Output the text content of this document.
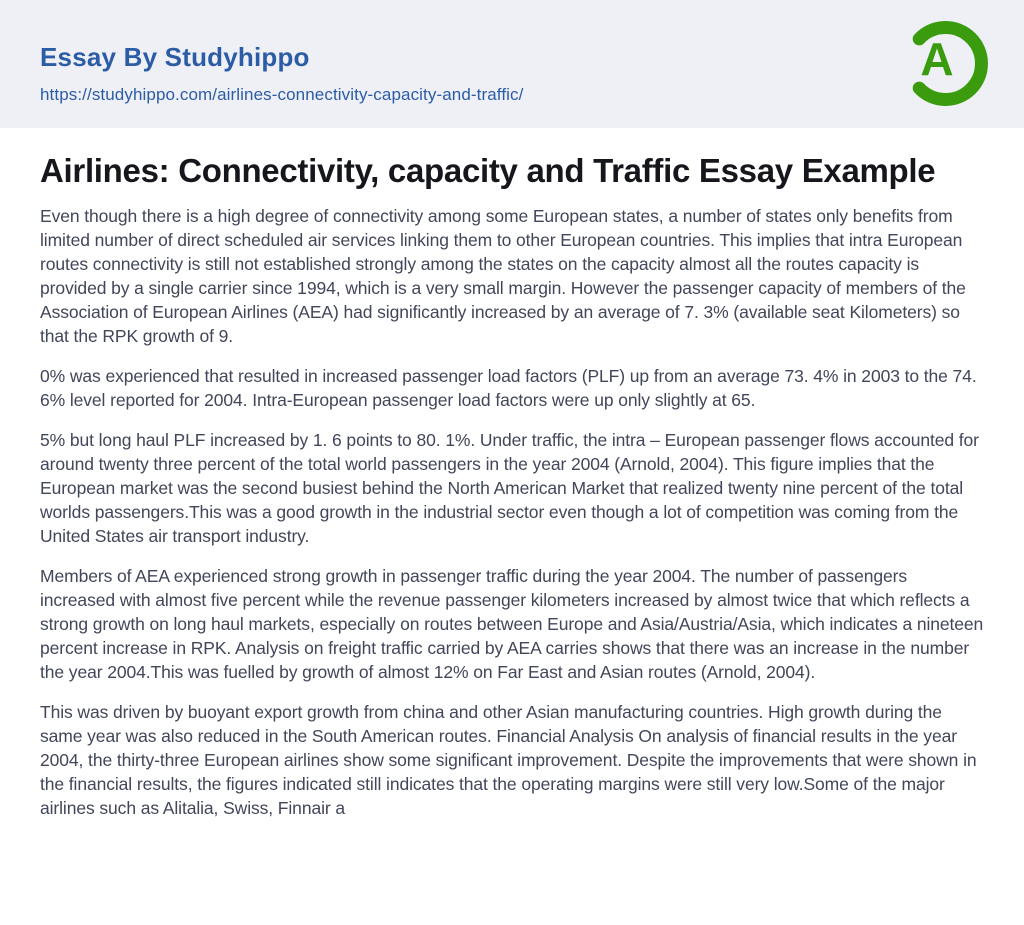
Essay By Studyhippo
https://studyhippo.com/airlines-connectivity-capacity-and-traffic/
A
Airlines: Connectivity, capacity and Traffic Essay Example

Even though there is a high degree of connectivity among some European states, a number of states only benefits from limited number of direct scheduled air services linking them to other European countries. This implies that intra European routes connectivity is still not established strongly among the states on the capacity almost all the routes capacity is provided by a single carrier since 1994, which is a very small margin. However the passenger capacity of members of the Association of European Airlines (AEA) had significantly increased by an average of 7. 3% (available seat Kilometers) so that the RPK growth of 9.

0% was experienced that resulted in increased passenger load factors (PLF) up from an average 73. 4% in 2003 to the 74. 6% level reported for 2004. Intra-European passenger load factors were up only slightly at 65.

5% but long haul PLF increased by 1. 6 points to 80. 1%. Under traffic, the intra – European passenger flows accounted for around twenty three percent of the total world passengers in the year 2004 (Arnold, 2004). This figure implies that the European market was the second busiest behind the North American Market that realized twenty nine percent of the total worlds passengers.This was a good growth in the industrial sector even though a lot of competition was coming from the United States air transport industry.

Members of AEA experienced strong growth in passenger traffic during the year 2004. The number of passengers increased with almost five percent while the revenue passenger kilometers increased by almost twice that which reflects a strong growth on long haul markets, especially on routes between Europe and Asia/Austria/Asia, which indicates a nineteen percent increase in RPK. Analysis on freight traffic carried by AEA carries shows that there was an increase in the number the year 2004.This was fuelled by growth of almost 12% on Far East and Asian routes (Arnold, 2004).

This was driven by buoyant export growth from china and other Asian manufacturing countries. High growth during the same year was also reduced in the South American routes. Financial Analysis On analysis of financial results in the year 2004, the thirty-three European airlines show some significant improvement. Despite the improvements that were shown in the financial results, the figures indicated still indicates that the operating margins were still very low.Some of the major airlines such as Alitalia, Swiss, Finnair a
